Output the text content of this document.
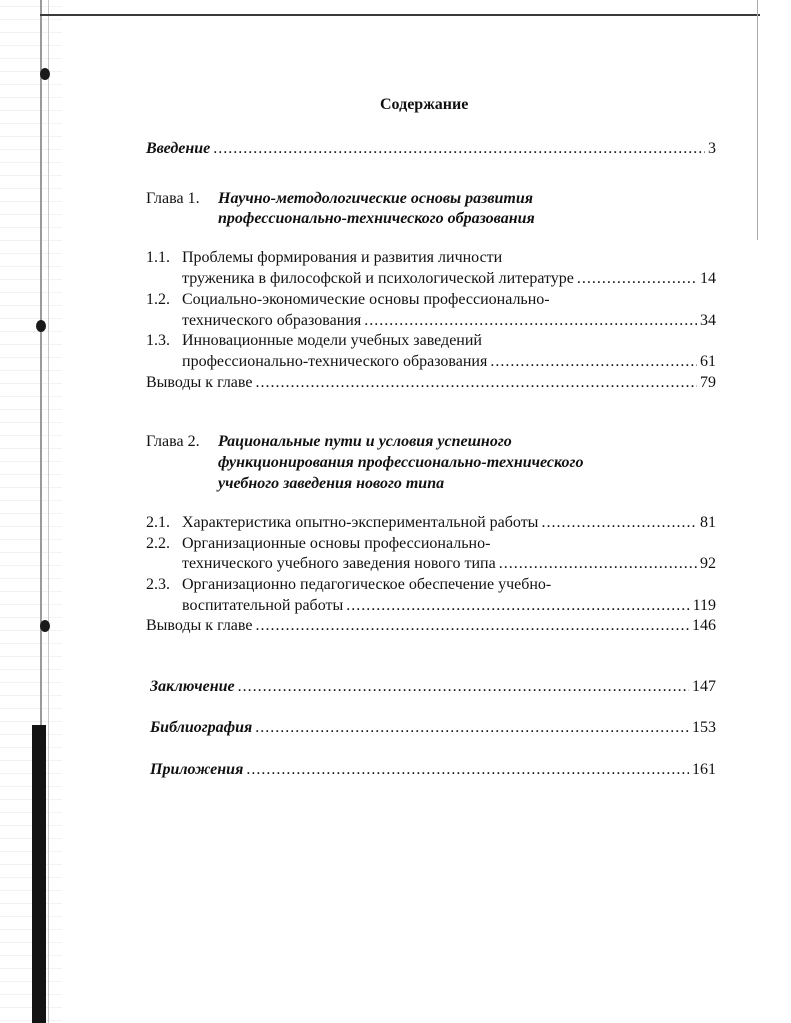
Содержание
Введение .....	3
Глава 1. Научно-методологические основы развития
профессионально-технического образования
1.1. Проблемы формирования и развития личности
труженика в философской и психологической литературе .....	14
1.2. Социально-экономические основы профессионально-
технического образования .....	34
1.3. Инновационные модели учебных заведений
профессионально-технического образования .....	61
Выводы к главе .....	79
Глава 2. Рациональные пути и условия успешного
функционирования профессионально-технического
учебного заведения нового типа
2.1. Характеристика опытно-экспериментальной работы .....	81
2.2. Организационные основы профессионально-
технического учебного заведения нового типа .....	92
2.3. Организационно педагогическое обеспечение учебно-
воспитательной работы .....	119
Выводы к главе .....	146
Заключение .....	147
Библиография .....	153
Приложения .....	161
